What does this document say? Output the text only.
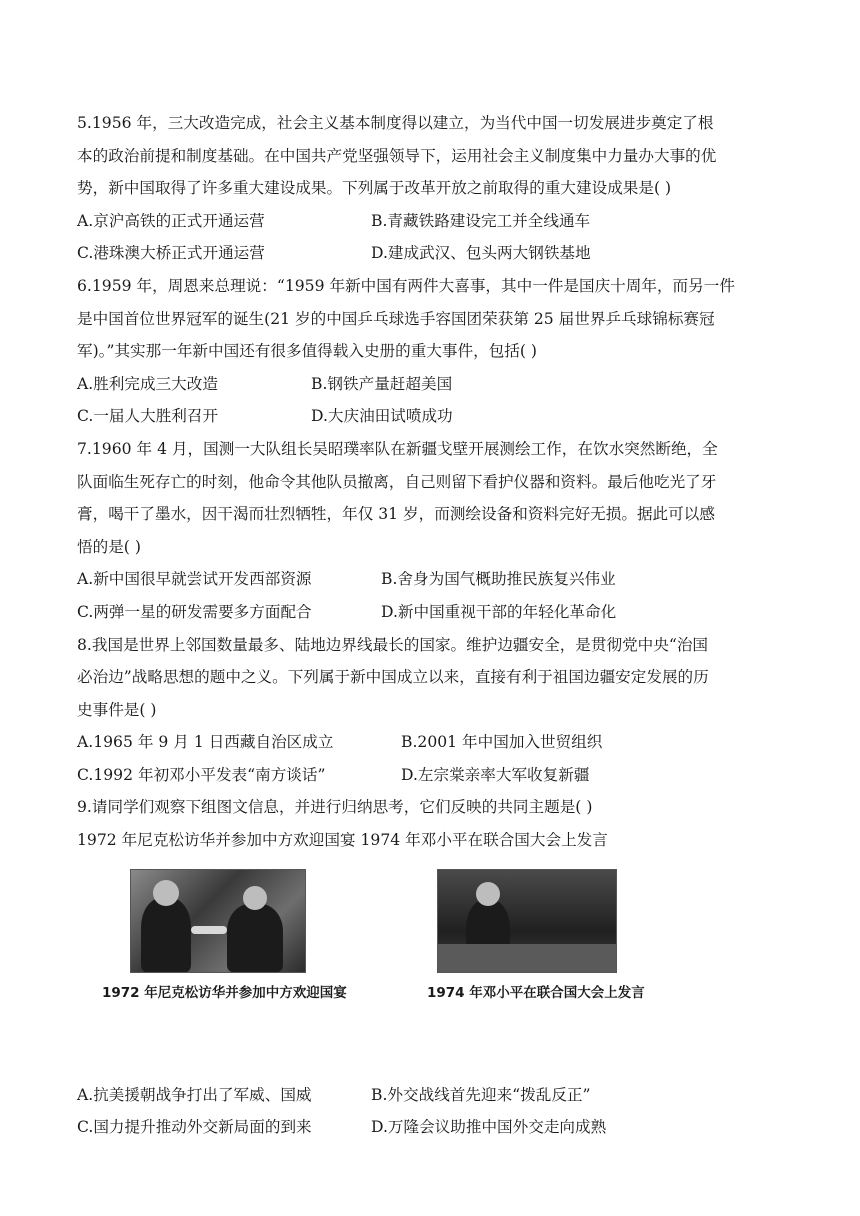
5.1956 年，三大改造完成，社会主义基本制度得以建立，为当代中国一切发展进步奠定了根
本的政治前提和制度基础。在中国共产党坚强领导下，运用社会主义制度集中力量办大事的优
势，新中国取得了许多重大建设成果。下列属于改革开放之前取得的重大建设成果是( )
A.京沪高铁的正式开通运营	B.青藏铁路建设完工并全线通车
C.港珠澳大桥正式开通运营	D.建成武汉、包头两大钢铁基地
6.1959 年，周恩来总理说：“1959 年新中国有两件大喜事，其中一件是国庆十周年，而另一件
是中国首位世界冠军的诞生(21 岁的中国乒乓球选手容国团荣获第 25 届世界乒乓球锦标赛冠
军)。”其实那一年新中国还有很多值得载入史册的重大事件，包括( )
A.胜利完成三大改造	B.钢铁产量赶超美国
C.一届人大胜利召开	D.大庆油田试喷成功
7.1960 年 4 月，国测一大队组长吴昭璞率队在新疆戈壁开展测绘工作，在饮水突然断绝，全
队面临生死存亡的时刻，他命令其他队员撤离，自己则留下看护仪器和资料。最后他吃光了牙
膏，喝干了墨水，因干渴而壮烈牺牲，年仅 31 岁，而测绘设备和资料完好无损。据此可以感
悟的是( )
A.新中国很早就尝试开发西部资源	B.舍身为国气概助推民族复兴伟业
C.两弹一星的研发需要多方面配合	D.新中国重视干部的年轻化革命化
8.我国是世界上邻国数量最多、陆地边界线最长的国家。维护边疆安全，是贯彻党中央“治国
必治边”战略思想的题中之义。下列属于新中国成立以来，直接有利于祖国边疆安定发展的历
史事件是( )
A.1965 年 9 月 1 日西藏自治区成立	B.2001 年中国加入世贸组织
C.1992 年初邓小平发表“南方谈话”	D.左宗棠亲率大军收复新疆
9.请同学们观察下组图文信息，并进行归纳思考，它们反映的共同主题是( )
1972 年尼克松访华并参加中方欢迎国宴 1974 年邓小平在联合国大会上发言
1972 年尼克松访华并参加中方欢迎国宴	1974 年邓小平在联合国大会上发言
A.抗美援朝战争打出了军威、国威	B.外交战线首先迎来“拨乱反正”
C.国力提升推动外交新局面的到来	D.万隆会议助推中国外交走向成熟
